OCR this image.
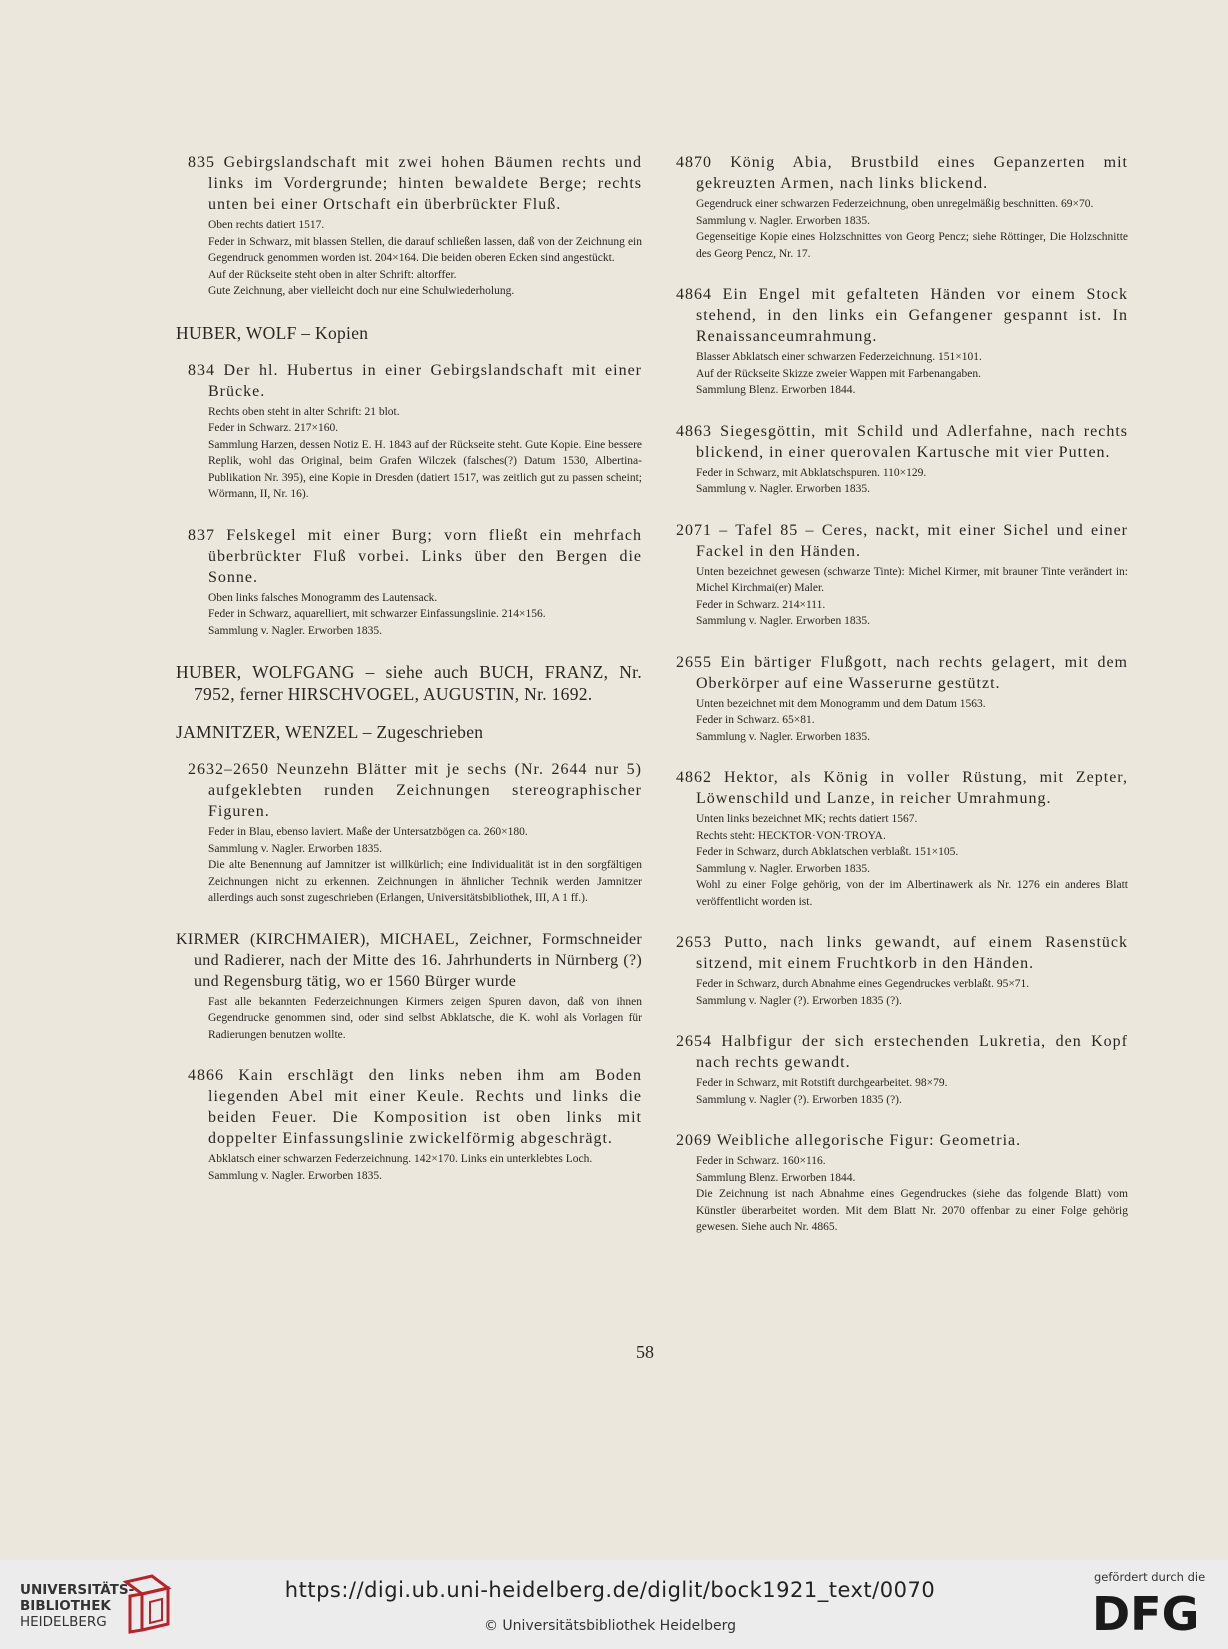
835 Gebirgslandschaft mit zwei hohen Bäumen rechts und links im Vordergrunde; hinten bewaldete Berge; rechts unten bei einer Ortschaft ein überbrückter Fluß.

Oben rechts datiert 1517.

Feder in Schwarz, mit blassen Stellen, die darauf schließen lassen, daß von der Zeichnung ein Gegendruck genommen worden ist. 204×164. Die beiden oberen Ecken sind angestückt.

Auf der Rückseite steht oben in alter Schrift: altorffer.

Gute Zeichnung, aber vielleicht doch nur eine Schulwiederholung.

HUBER, WOLF – Kopien

834 Der hl. Hubertus in einer Gebirgslandschaft mit einer Brücke.

Rechts oben steht in alter Schrift: 21 blot.

Feder in Schwarz. 217×160.

Sammlung Harzen, dessen Notiz E. H. 1843 auf der Rückseite steht. Gute Kopie. Eine bessere Replik, wohl das Original, beim Grafen Wilczek (falsches(?) Datum 1530, Albertina-Publikation Nr. 395), eine Kopie in Dresden (datiert 1517, was zeitlich gut zu passen scheint; Wörmann, II, Nr. 16).

837 Felskegel mit einer Burg; vorn fließt ein mehrfach überbrückter Fluß vorbei. Links über den Bergen die Sonne.

Oben links falsches Monogramm des Lautensack.

Feder in Schwarz, aquarelliert, mit schwarzer Einfassungslinie. 214×156.

Sammlung v. Nagler. Erworben 1835.

HUBER, WOLFGANG – siehe auch BUCH, FRANZ, Nr. 7952, ferner HIRSCHVOGEL, AUGUSTIN, Nr. 1692.
JAMNITZER, WENZEL – Zugeschrieben

2632–2650 Neunzehn Blätter mit je sechs (Nr. 2644 nur 5) aufgeklebten runden Zeichnungen stereographischer Figuren.

Feder in Blau, ebenso laviert. Maße der Untersatzbögen ca. 260×180.

Sammlung v. Nagler. Erworben 1835.

Die alte Benennung auf Jamnitzer ist willkürlich; eine Individualität ist in den sorgfältigen Zeichnungen nicht zu erkennen. Zeichnungen in ähnlicher Technik werden Jamnitzer allerdings auch sonst zugeschrieben (Erlangen, Universitätsbibliothek, III, A 1 ff.).

KIRMER (KIRCHMAIER), MICHAEL, Zeichner, Formschneider und Radierer, nach der Mitte des 16. Jahrhunderts in Nürnberg (?) und Regensburg tätig, wo er 1560 Bürger wurde

Fast alle bekannten Federzeichnungen Kirmers zeigen Spuren davon, daß von ihnen Gegendrucke genommen sind, oder sind selbst Abklatsche, die K. wohl als Vorlagen für Radierungen benutzen wollte.

4866 Kain erschlägt den links neben ihm am Boden liegenden Abel mit einer Keule. Rechts und links die beiden Feuer. Die Komposition ist oben links mit doppelter Einfassungslinie zwickelförmig abgeschrägt.

Abklatsch einer schwarzen Federzeichnung. 142×170. Links ein unterklebtes Loch.

Sammlung v. Nagler. Erworben 1835.

4870 König Abia, Brustbild eines Gepanzerten mit gekreuzten Armen, nach links blickend.

Gegendruck einer schwarzen Federzeichnung, oben unregelmäßig beschnitten. 69×70.

Sammlung v. Nagler. Erworben 1835.

Gegenseitige Kopie eines Holzschnittes von Georg Pencz; siehe Röttinger, Die Holzschnitte des Georg Pencz, Nr. 17.

4864 Ein Engel mit gefalteten Händen vor einem Stock stehend, in den links ein Gefangener gespannt ist. In Renaissanceumrahmung.

Blasser Abklatsch einer schwarzen Federzeichnung. 151×101.

Auf der Rückseite Skizze zweier Wappen mit Farbenangaben.

Sammlung Blenz. Erworben 1844.

4863 Siegesgöttin, mit Schild und Adlerfahne, nach rechts blickend, in einer querovalen Kartusche mit vier Putten.

Feder in Schwarz, mit Abklatschspuren. 110×129.

Sammlung v. Nagler. Erworben 1835.

2071 – Tafel 85 – Ceres, nackt, mit einer Sichel und einer Fackel in den Händen.

Unten bezeichnet gewesen (schwarze Tinte): Michel Kirmer, mit brauner Tinte verändert in: Michel Kirchmai(er) Maler.

Feder in Schwarz. 214×111.

Sammlung v. Nagler. Erworben 1835.

2655 Ein bärtiger Flußgott, nach rechts gelagert, mit dem Oberkörper auf eine Wasserurne gestützt.

Unten bezeichnet mit dem Monogramm und dem Datum 1563.

Feder in Schwarz. 65×81.

Sammlung v. Nagler. Erworben 1835.

4862 Hektor, als König in voller Rüstung, mit Zepter, Löwenschild und Lanze, in reicher Umrahmung.

Unten links bezeichnet MK; rechts datiert 1567.

Rechts steht: HECKTOR·VON·TROYA.

Feder in Schwarz, durch Abklatschen verblaßt. 151×105.

Sammlung v. Nagler. Erworben 1835.

Wohl zu einer Folge gehörig, von der im Albertinawerk als Nr. 1276 ein anderes Blatt veröffentlicht worden ist.

2653 Putto, nach links gewandt, auf einem Rasenstück sitzend, mit einem Fruchtkorb in den Händen.

Feder in Schwarz, durch Abnahme eines Gegendruckes verblaßt. 95×71.

Sammlung v. Nagler (?). Erworben 1835 (?).

2654 Halbfigur der sich erstechenden Lukretia, den Kopf nach rechts gewandt.

Feder in Schwarz, mit Rotstift durchgearbeitet. 98×79.

Sammlung v. Nagler (?). Erworben 1835 (?).

2069 Weibliche allegorische Figur: Geometria.

Feder in Schwarz. 160×116.

Sammlung Blenz. Erworben 1844.

Die Zeichnung ist nach Abnahme eines Gegendruckes (siehe das folgende Blatt) vom Künstler überarbeitet worden. Mit dem Blatt Nr. 2070 offenbar zu einer Folge gehörig gewesen. Siehe auch Nr. 4865.

58
UNIVERSITÄTS-
BIBLIOTHEK
HEIDELBERG
https://digi.ub.uni-heidelberg.de/diglit/bock1921_text/0070
© Universitätsbibliothek Heidelberg
gefördert durch die
DFG
